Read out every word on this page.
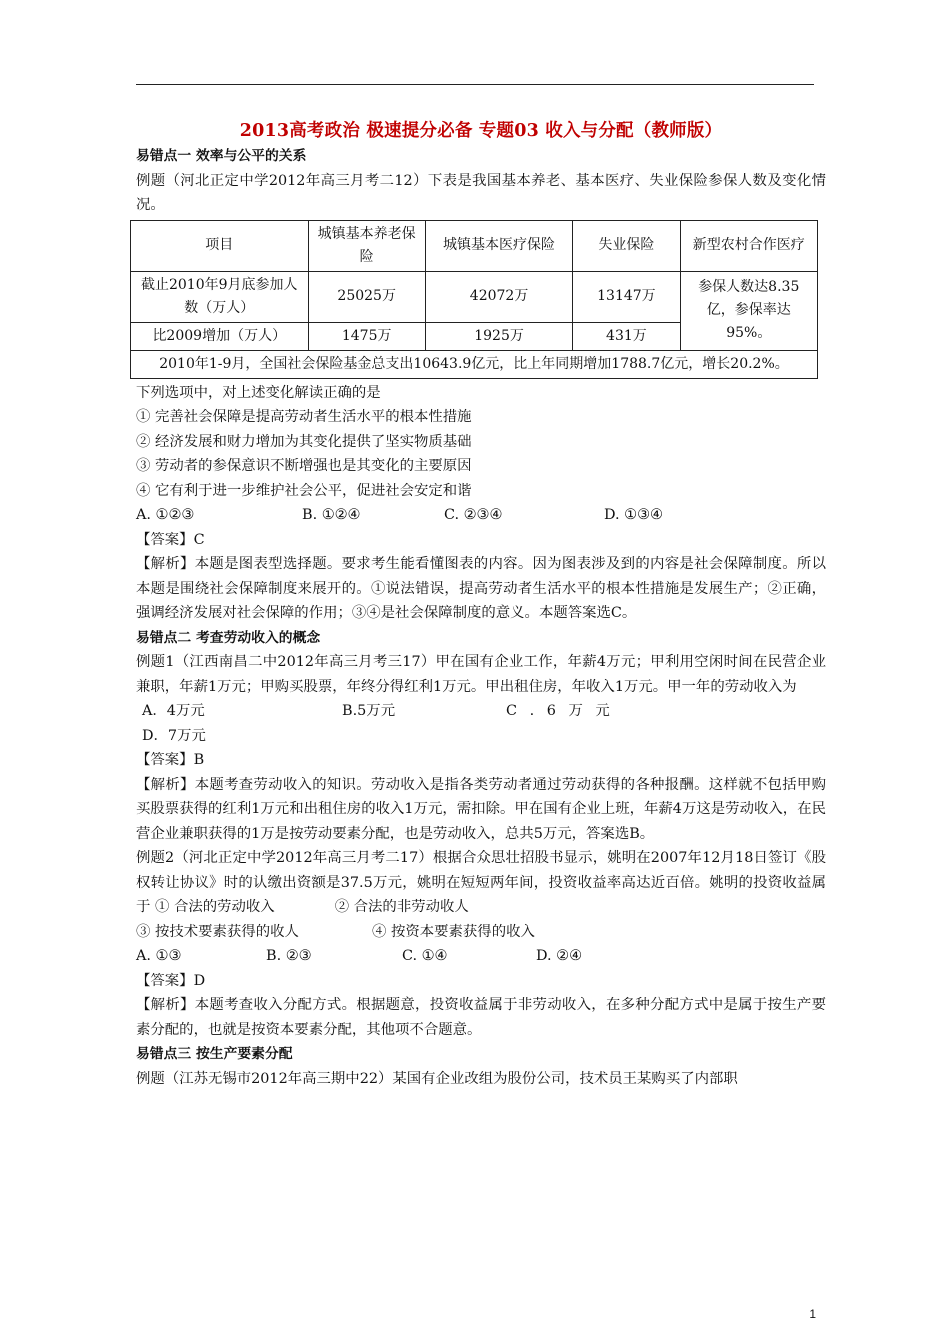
2013高考政治 极速提分必备 专题03 收入与分配（教师版）

易错点一 效率与公平的关系

例题（河北正定中学2012年高三月考二12）下表是我国基本养老、基本医疗、失业保险参保人数及变化情况。

项目	城镇基本养老保险	城镇基本医疗保险	失业保险	新型农村合作医疗
截止2010年9月底参加人数（万人）	25025万	42072万	13147万	参保人数达8.35亿，参保率达95%。
比2009增加（万人）	1475万	1925万	431万	
2010年1-9月，全国社会保险基金总支出10643.9亿元，比上年同期增加1788.7亿元，增长20.2%。				

下列选项中，对上述变化解读正确的是

① 完善社会保障是提高劳动者生活水平的根本性措施

② 经济发展和财力增加为其变化提供了坚实物质基础

③ 劳动者的参保意识不断增强也是其变化的主要原因

④ 它有利于进一步维护社会公平，促进社会安定和谐

A. ①②③	B. ①②④	C. ②③④	D. ①③④

【答案】C

【解析】本题是图表型选择题。要求考生能看懂图表的内容。因为图表涉及到的内容是社会保障制度。所以本题是围绕社会保障制度来展开的。①说法错误，提高劳动者生活水平的根本性措施是发展生产；②正确，强调经济发展对社会保障的作用；③④是社会保障制度的意义。本题答案选C。

易错点二 考查劳动收入的概念

例题1（江西南昌二中2012年高三月考三17）甲在国有企业工作，年薪4万元；甲利用空闲时间在民营企业兼职，年薪1万元；甲购买股票，年终分得红利1万元。甲出租住房，年收入1万元。甲一年的劳动收入为

A．4万元	B.5万元	C . 6 万 元

D．7万元

【答案】B

【解析】本题考查劳动收入的知识。劳动收入是指各类劳动者通过劳动获得的各种报酬。这样就不包括甲购买股票获得的红利1万元和出租住房的收入1万元，需扣除。甲在国有企业上班，年薪4万这是劳动收入，在民营企业兼职获得的1万是按劳动要素分配，也是劳动收入，总共5万元，答案选B。

例题2（河北正定中学2012年高三月考二17）根据合众思壮招股书显示，姚明在2007年12月18日签订《股权转让协议》时的认缴出资额是37.5万元，姚明在短短两年间，投资收益率高达近百倍。姚明的投资收益属于 ① 合法的劳动收入	② 合法的非劳动收人

③ 按技术要素获得的收人	④ 按资本要素获得的收入
A. ①③	B. ②③	C. ①④	D. ②④

【答案】D

【解析】本题考查收入分配方式。根据题意，投资收益属于非劳动收入，在多种分配方式中是属于按生产要素分配的，也就是按资本要素分配，其他项不合题意。

易错点三 按生产要素分配

例题（江苏无锡市2012年高三期中22）某国有企业改组为股份公司，技术员王某购买了内部职

1
